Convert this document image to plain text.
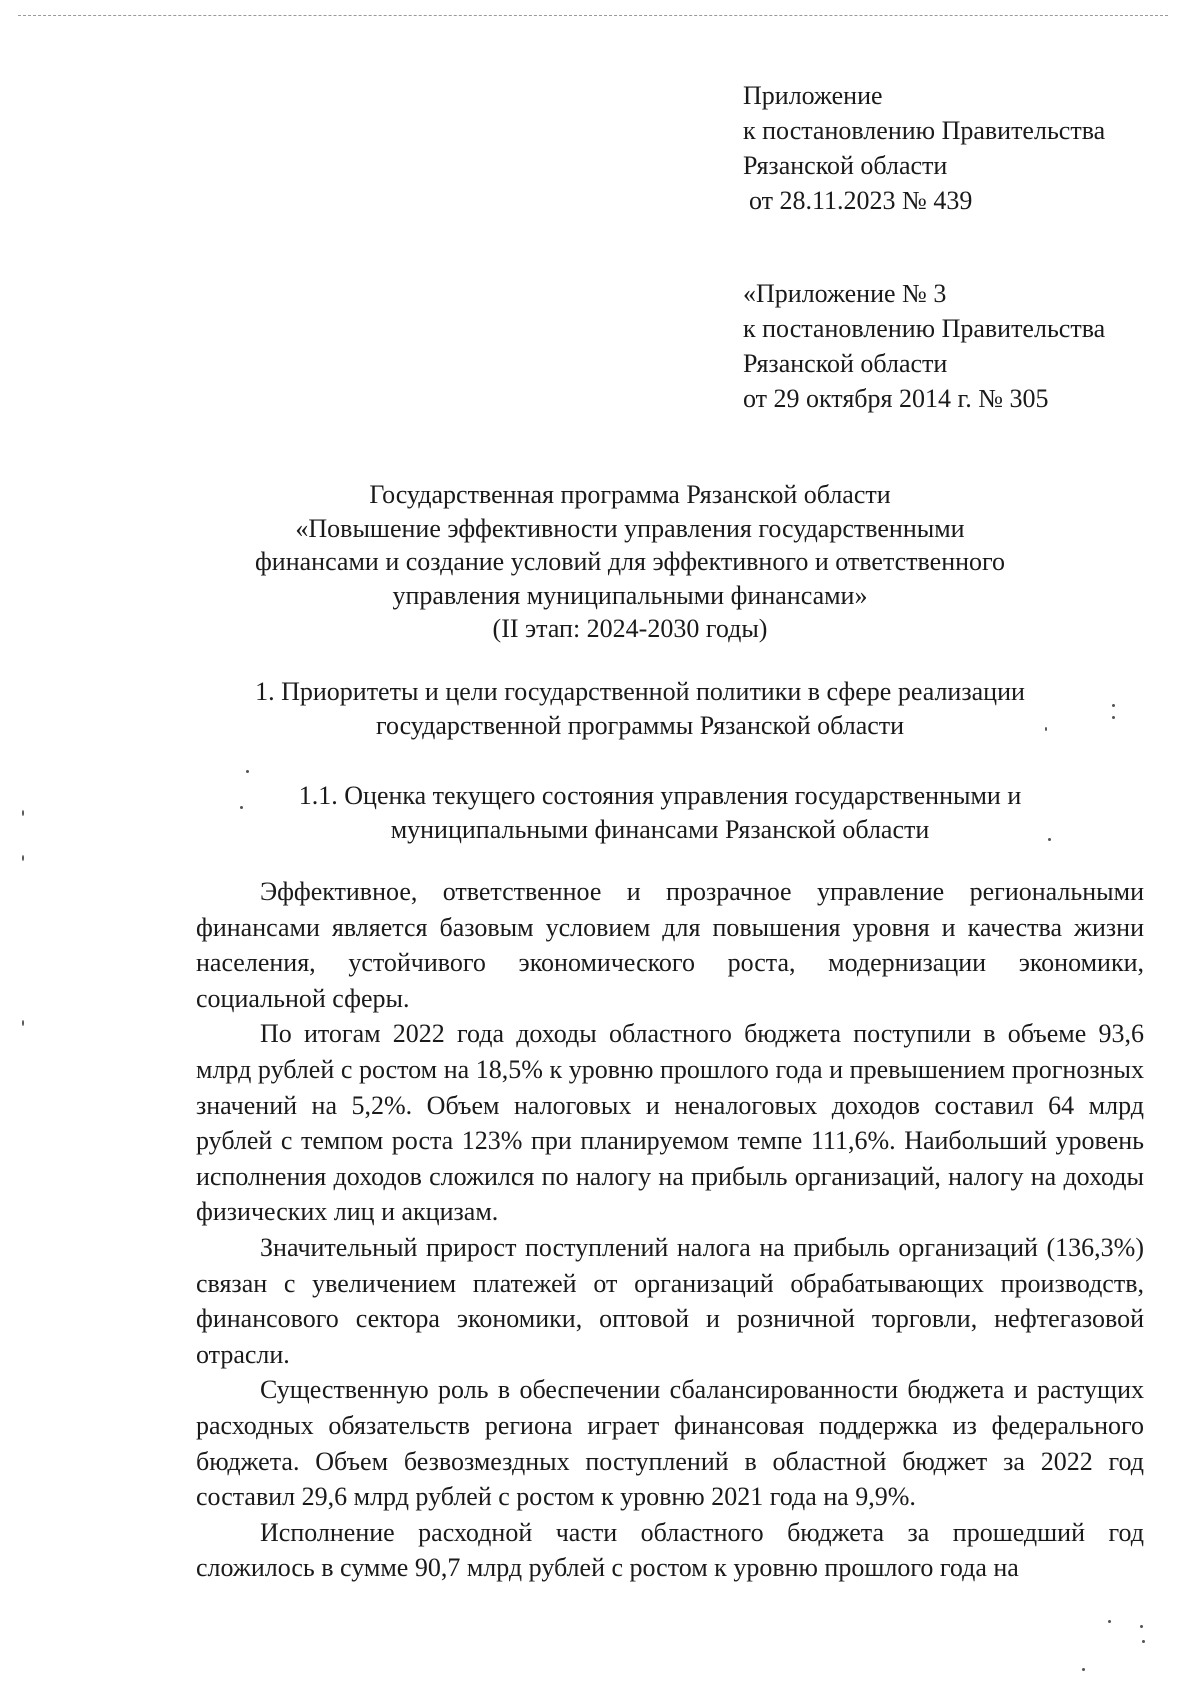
Приложение
к постановлению Правительства
Рязанской области
от 28.11.2023 № 439
«Приложение № 3
к постановлению Правительства
Рязанской области
от 29 октября 2014 г. № 305
Государственная программа Рязанской области
«Повышение эффективности управления государственными
финансами и создание условий для эффективного и ответственного
управления муниципальными финансами»
(II этап: 2024-2030 годы)
1. Приоритеты и цели государственной политики в сфере реализации
государственной программы Рязанской области
1.1. Оценка текущего состояния управления государственными и
муниципальными финансами Рязанской области

Эффективное, ответственное и прозрачное управление региональными финансами является базовым условием для повышения уровня и качества жизни населения, устойчивого экономического роста, модернизации экономики, социальной сферы.

По итогам 2022 года доходы областного бюджета поступили в объеме 93,6 млрд рублей с ростом на 18,5% к уровню прошлого года и превышением прогнозных значений на 5,2%. Объем налоговых и неналоговых доходов составил 64 млрд рублей с темпом роста 123% при планируемом темпе 111,6%. Наибольший уровень исполнения доходов сложился по налогу на прибыль организаций, налогу на доходы физических лиц и акцизам.

Значительный прирост поступлений налога на прибыль организаций (136,3%) связан с увеличением платежей от организаций обрабатывающих производств, финансового сектора экономики, оптовой и розничной торговли, нефтегазовой отрасли.

Существенную роль в обеспечении сбалансированности бюджета и растущих расходных обязательств региона играет финансовая поддержка из федерального бюджета. Объем безвозмездных поступлений в областной бюджет за 2022 год составил 29,6 млрд рублей с ростом к уровню 2021 года на 9,9%.

Исполнение расходной части областного бюджета за прошедший год сложилось в сумме 90,7 млрд рублей с ростом к уровню прошлого года на
